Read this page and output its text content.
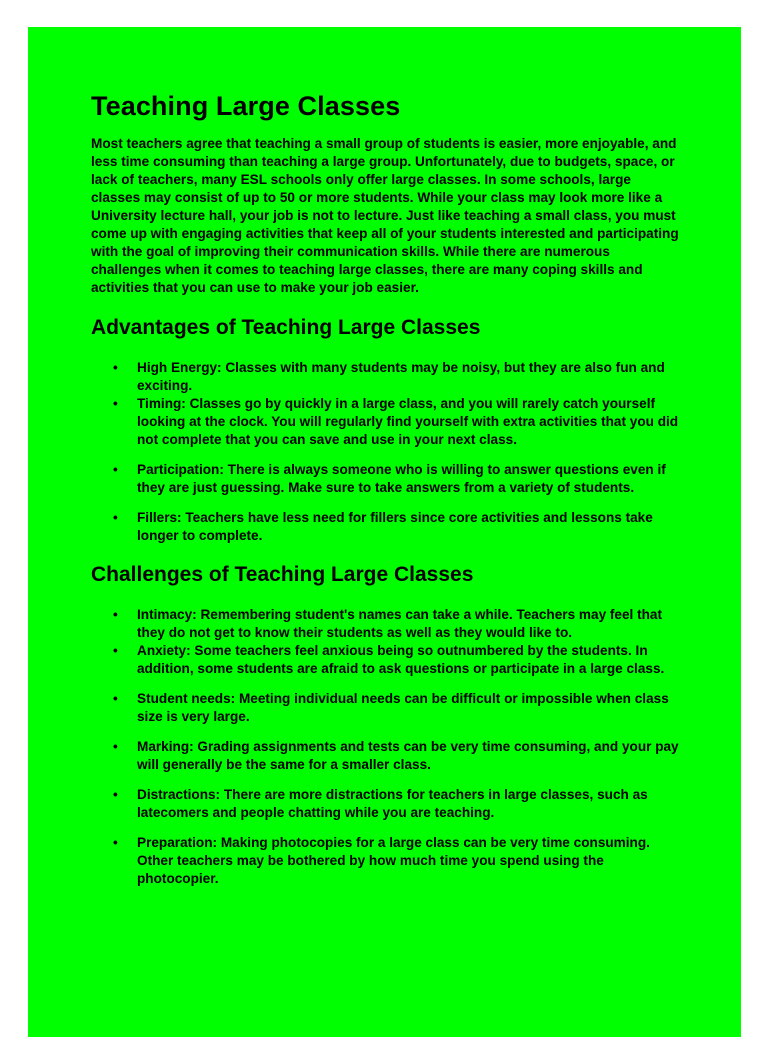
Teaching Large Classes

Most teachers agree that teaching a small group of students is easier, more enjoyable, and less time consuming than teaching a large group. Unfortunately, due to budgets, space, or lack of teachers, many ESL schools only offer large classes. In some schools, large classes may consist of up to 50 or more students. While your class may look more like a University lecture hall, your job is not to lecture. Just like teaching a small class, you must come up with engaging activities that keep all of your students interested and participating with the goal of improving their communication skills. While there are numerous challenges when it comes to teaching large classes, there are many coping skills and activities that you can use to make your job easier.

Advantages of Teaching Large Classes
• High Energy: Classes with many students may be noisy, but they are also fun and exciting.
• Timing: Classes go by quickly in a large class, and you will rarely catch yourself looking at the clock. You will regularly find yourself with extra activities that you did not complete that you can save and use in your next class.
• Participation: There is always someone who is willing to answer questions even if they are just guessing. Make sure to take answers from a variety of students.
• Fillers: Teachers have less need for fillers since core activities and lessons take longer to complete.
Challenges of Teaching Large Classes
• Intimacy: Remembering student's names can take a while. Teachers may feel that they do not get to know their students as well as they would like to.
• Anxiety: Some teachers feel anxious being so outnumbered by the students. In addition, some students are afraid to ask questions or participate in a large class.
• Student needs: Meeting individual needs can be difficult or impossible when class size is very large.
• Marking: Grading assignments and tests can be very time consuming, and your pay will generally be the same for a smaller class.
• Distractions: There are more distractions for teachers in large classes, such as latecomers and people chatting while you are teaching.
• Preparation: Making photocopies for a large class can be very time consuming. Other teachers may be bothered by how much time you spend using the photocopier.
